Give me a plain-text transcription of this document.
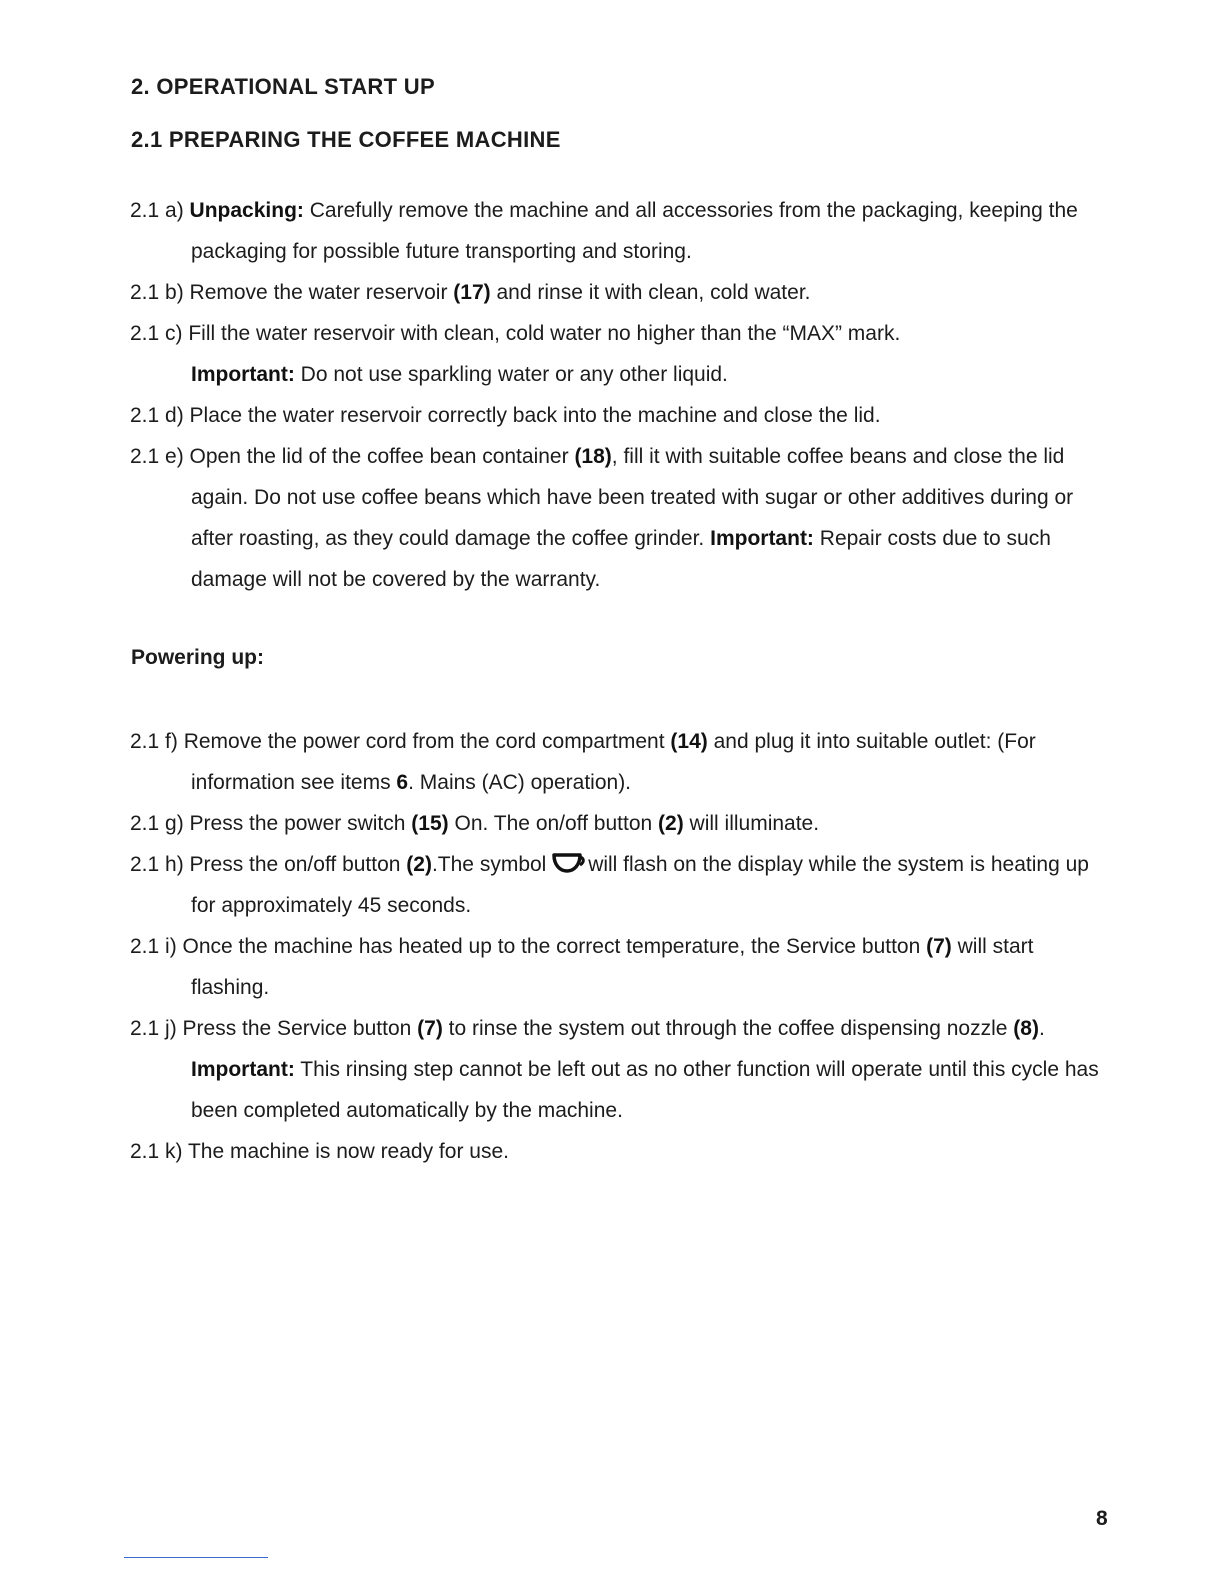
2. OPERATIONAL START UP
2.1 PREPARING THE COFFEE MACHINE

2.1 a) Unpacking: Carefully remove the machine and all accessories from the packaging, keeping the packaging for possible future transporting and storing.

2.1 b) Remove the water reservoir (17) and rinse it with clean, cold water.

2.1 c) Fill the water reservoir with clean, cold water no higher than the “MAX” mark.

Important: Do not use sparkling water or any other liquid.

2.1 d) Place the water reservoir correctly back into the machine and close the lid.

2.1 e) Open the lid of the coffee bean container (18), fill it with suitable coffee beans and close the lid again. Do not use coffee beans which have been treated with sugar or other additives during or after roasting, as they could damage the coffee grinder. Important: Repair costs due to such damage will not be covered by the warranty.

Powering up:

2.1 f) Remove the power cord from the cord compartment (14) and plug it into suitable outlet: (For information see items 6. Mains (AC) operation).

2.1 g) Press the power switch (15) On. The on/off button (2) will illuminate.

2.1 h) Press the on/off button (2).The symbol will flash on the display while the system is heating up for approximately 45 seconds.

2.1 i) Once the machine has heated up to the correct temperature, the Service button (7) will start flashing.

2.1 j) Press the Service button (7) to rinse the system out through the coffee dispensing nozzle (8).

Important: This rinsing step cannot be left out as no other function will operate until this cycle has been completed automatically by the machine.

2.1 k) The machine is now ready for use.

8
